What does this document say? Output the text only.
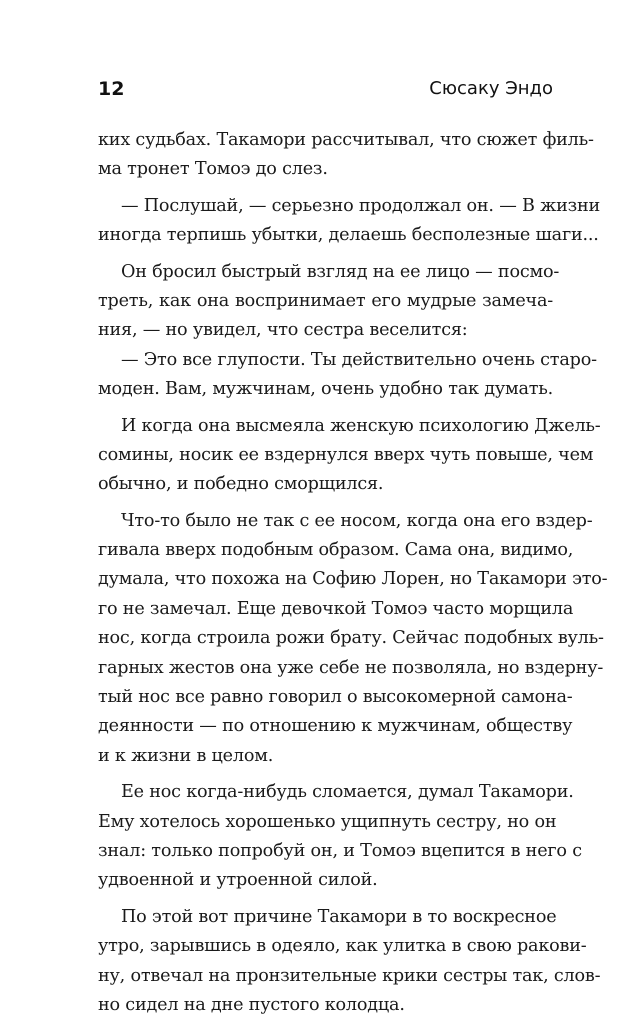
12	Сюсаку Эндо
ких судьбах. Такамори рассчитывал, что сюжет филь-
ма тронет Томоэ до слез.
— Послушай, — серьезно продолжал он. — В жизни
иногда терпишь убытки, делаешь бесполезные шаги...
Он бросил быстрый взгляд на ее лицо — посмо-
треть, как она воспринимает его мудрые замеча-
ния, — но увидел, что сестра веселится:
— Это все глупости. Ты действительно очень старо-
моден. Вам, мужчинам, очень удобно так думать.
И когда она высмеяла женскую психологию Джель-
сомины, носик ее вздернулся вверх чуть повыше, чем
обычно, и победно сморщился.
Что-то было не так с ее носом, когда она его вздер-
гивала вверх подобным образом. Сама она, видимо,
думала, что похожа на Софию Лорен, но Такамори это-
го не замечал. Еще девочкой Томоэ часто морщила
нос, когда строила рожи брату. Сейчас подобных вуль-
гарных жестов она уже себе не позволяла, но вздерну-
тый нос все равно говорил о высокомерной самона-
деянности — по отношению к мужчинам, обществу
и к жизни в целом.
Ее нос когда-нибудь сломается, думал Такамори.
Ему хотелось хорошенько ущипнуть сестру, но он
знал: только попробуй он, и Томоэ вцепится в него с
удвоенной и утроенной силой.
По этой вот причине Такамори в то воскресное
утро, зарывшись в одеяло, как улитка в свою ракови-
ну, отвечал на пронзительные крики сестры так, слов-
но сидел на дне пустого колодца.
